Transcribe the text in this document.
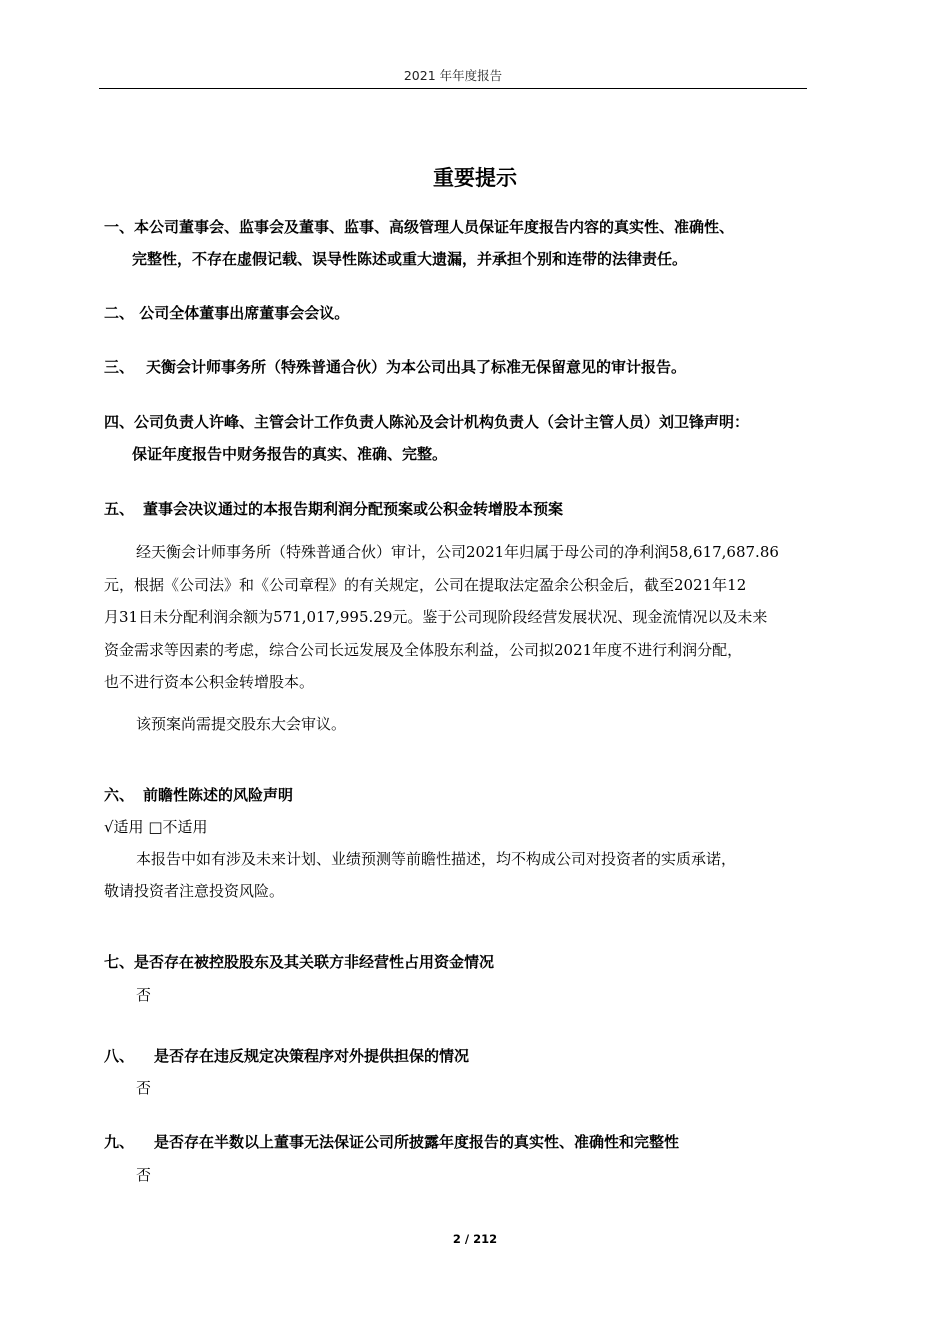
2021 年年度报告
重要提示
一、本公司董事会、监事会及董事、监事、高级管理人员保证年度报告内容的真实性、准确性、
完整性，不存在虚假记载、误导性陈述或重大遗漏，并承担个别和连带的法律责任。
二、 公司全体董事出席董事会会议。
三、 天衡会计师事务所（特殊普通合伙）为本公司出具了标准无保留意见的审计报告。
四、公司负责人许峰、主管会计工作负责人陈沁及会计机构负责人（会计主管人员）刘卫锋声明：
保证年度报告中财务报告的真实、准确、完整。
五、 董事会决议通过的本报告期利润分配预案或公积金转增股本预案
经天衡会计师事务所（特殊普通合伙）审计，公司2021年归属于母公司的净利润58,617,687.86
元，根据《公司法》和《公司章程》的有关规定，公司在提取法定盈余公积金后，截至2021年12
月31日未分配利润余额为571,017,995.29元。鉴于公司现阶段经营发展状况、现金流情况以及未来
资金需求等因素的考虑，综合公司长远发展及全体股东利益，公司拟2021年度不进行利润分配，
也不进行资本公积金转增股本。
该预案尚需提交股东大会审议。
六、 前瞻性陈述的风险声明
√适用 □不适用
本报告中如有涉及未来计划、业绩预测等前瞻性描述，均不构成公司对投资者的实质承诺，
敬请投资者注意投资风险。
七、是否存在被控股股东及其关联方非经营性占用资金情况
否
八、 是否存在违反规定决策程序对外提供担保的情况
否
九、 是否存在半数以上董事无法保证公司所披露年度报告的真实性、准确性和完整性
否
2 / 212
